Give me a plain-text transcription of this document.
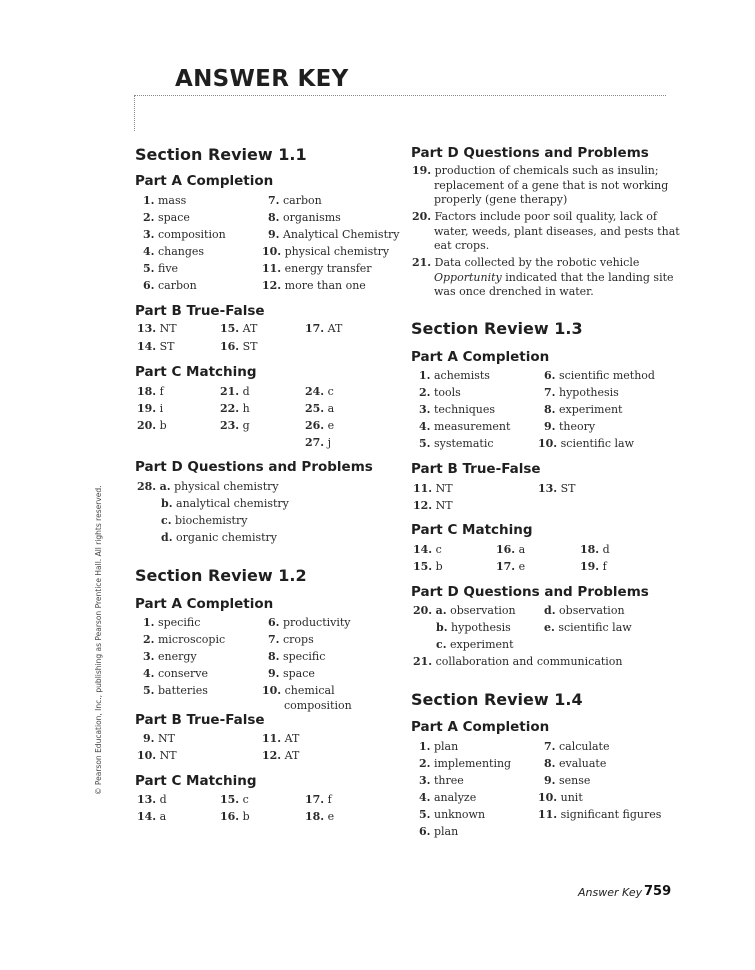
ANSWER KEY
Section Review 1.1
Part A Completion
1. mass
2. space
3. composition
4. changes
5. five
6. carbon
7. carbon
8. organisms
9. Analytical Chemistry
10. physical chemistry
11. energy transfer
12. more than one
Part B True-False
13. NT
14. ST
15. AT
16. ST
17. AT
Part C Matching
18. f
19. i
20. b
21. d
22. h
23. g
24. c
25. a
26. e
27. j
Part D Questions and Problems
28. a. physical chemistry
b. analytical chemistry
c. biochemistry
d. organic chemistry
Section Review 1.2
Part A Completion
1. specific
2. microscopic
3. energy
4. conserve
5. batteries
6. productivity
7. crops
8. specific
9. space
10. chemical composition
Part B True-False
9. NT
10. NT
11. AT
12. AT
Part C Matching
13. d
14. a
15. c
16. b
17. f
18. e
Part D Questions and Problems
19. production of chemicals such as insulin; replacement of a gene that is not working properly (gene therapy)
20. Factors include poor soil quality, lack of water, weeds, plant diseases, and pests that eat crops.
21. Data collected by the robotic vehicle Opportunity indicated that the landing site was once drenched in water.
Section Review 1.3
Part A Completion
1. achemists
2. tools
3. techniques
4. measurement
5. systematic
6. scientific method
7. hypothesis
8. experiment
9. theory
10. scientific law
Part B True-False
11. NT
12. NT
13. ST
Part C Matching
14. c
15. b
16. a
17. e
18. d
19. f
Part D Questions and Problems
20. a. observation
b. hypothesis
c. experiment
d. observation
e. scientific law
21. collaboration and communication
Section Review 1.4
Part A Completion
1. plan
2. implementing
3. three
4. analyze
5. unknown
6. plan
7. calculate
8. evaluate
9. sense
10. unit
11. significant figures
© Pearson Education, Inc., publishing as Pearson Prentice Hall. All rights reserved.
Answer Key 759
